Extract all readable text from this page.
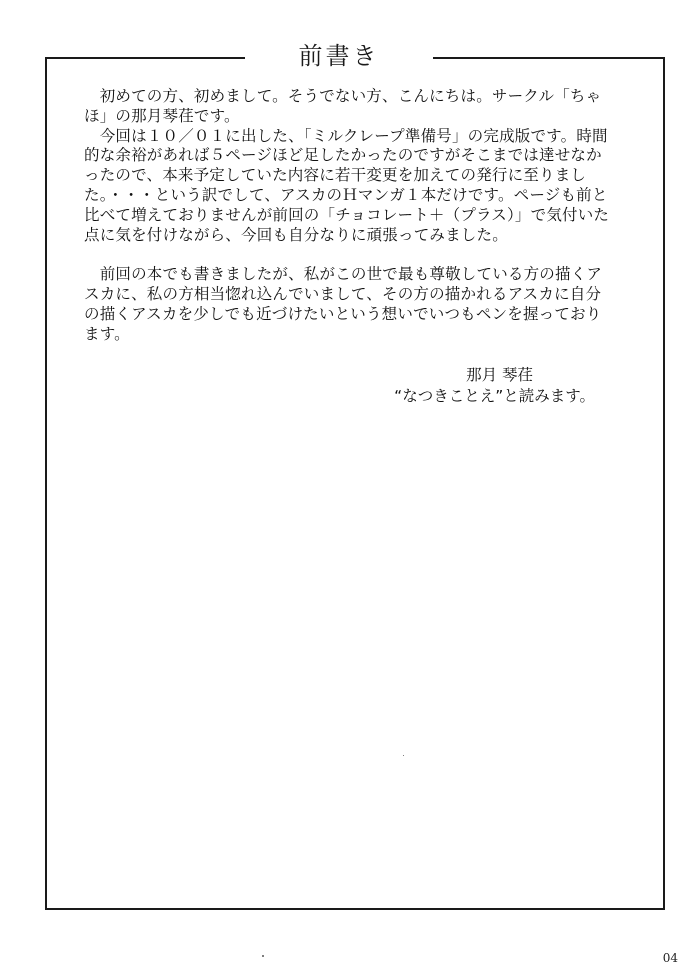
前書き

　初めての方、初めまして。そうでない方、こんにちは。サークル「ちゃほ」の那月琴荏です。
　今回は１０／０１に出した、「ミルクレープ準備号」の完成版です。時間的な余裕があれば５ページほど足したかったのですがそこまでは達せなかったので、本来予定していた内容に若干変更を加えての発行に至りました。・・・という訳でして、アスカのＨマンガ１本だけです。ページも前と比べて増えておりませんが前回の「チョコレート＋（プラス）」で気付いた点に気を付けながら、今回も自分なりに頑張ってみました。

　前回の本でも書きましたが、私がこの世で最も尊敬している方の描くアスカに、私の方相当惚れ込んでいまして、その方の描かれるアスカに自分の描くアスカを少しでも近づけたいという想いでいつもペンを握っております。

那月 琴荏
“なつきことえ”と読みます。
04
